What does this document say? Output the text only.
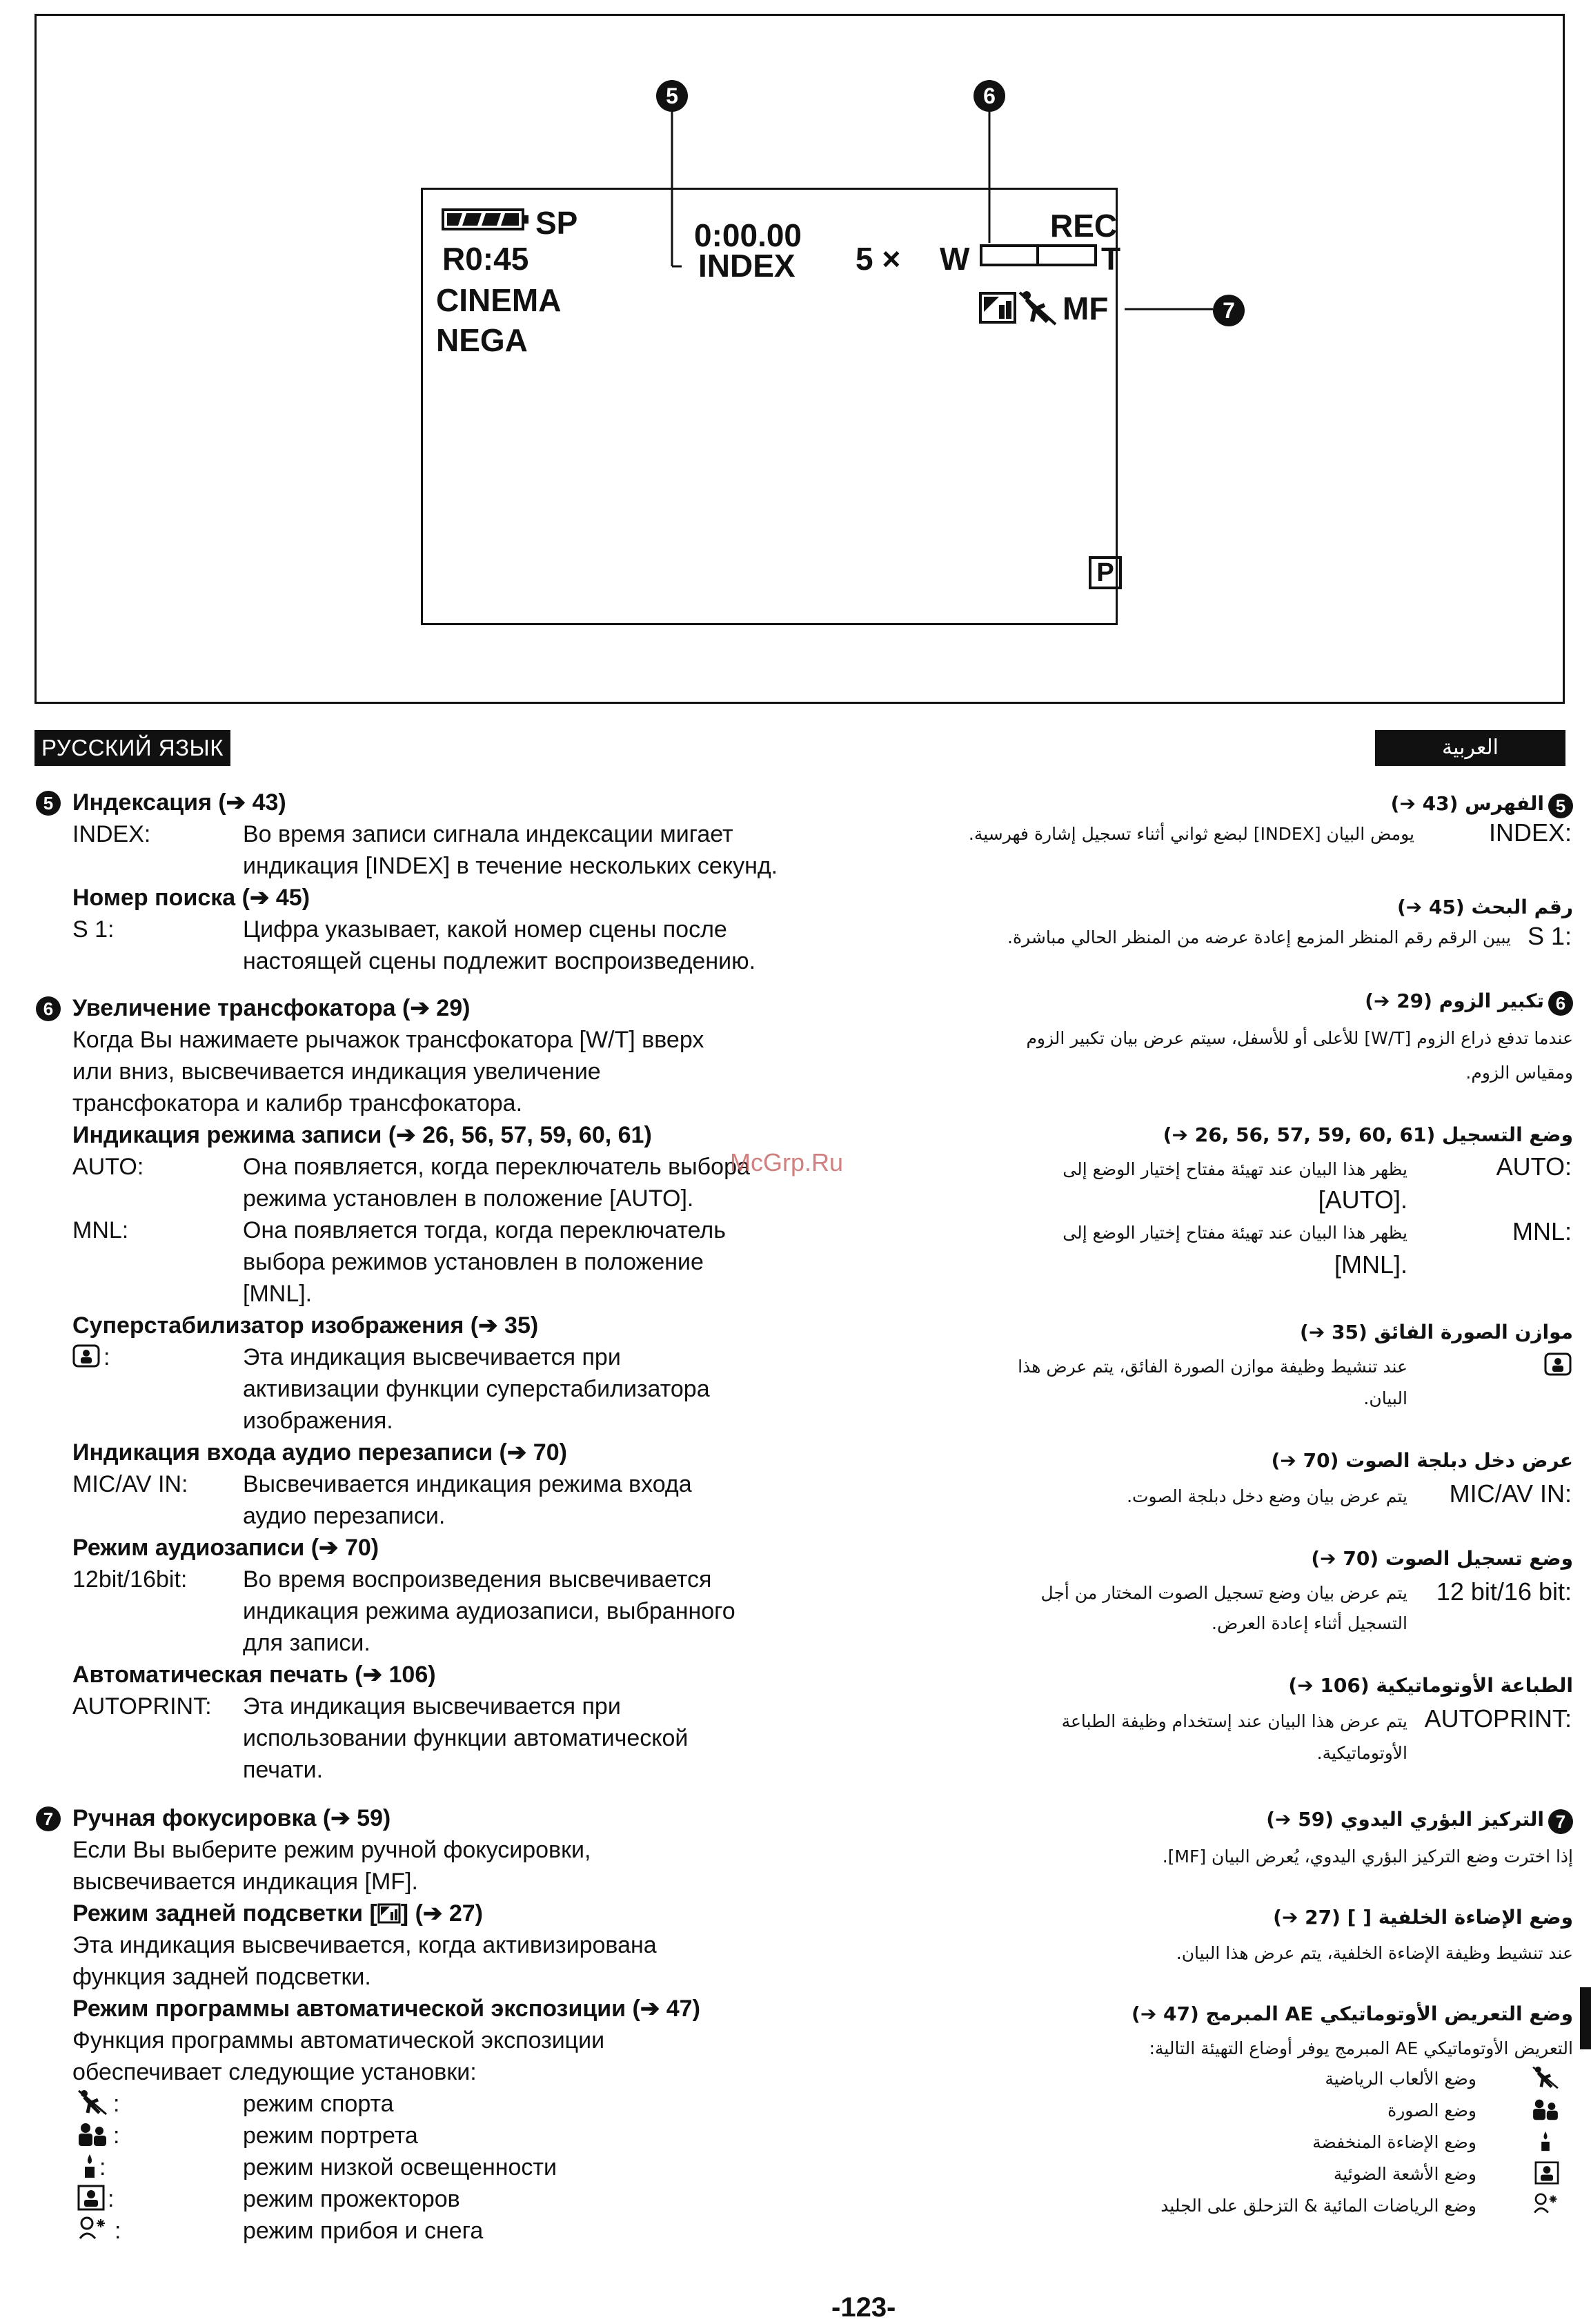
5	6
7
SP
R0:45
CINEMA
NEGA
0:00.00
INDEX 5 × W	T
REC
MF
P
РУССКИЙ ЯЗЫК	العربية
5 Индексация (➔ 43)
INDEX:	Во время записи сигнала индексации мигает
индикация [INDEX] в течение нескольких секунд.
Номер поиска (➔ 45)
S 1:	Цифра указывает, какой номер сцены после
настоящей сцены подлежит воспроизведению.
6 Увеличение трансфокатора (➔ 29)
Когда Вы нажимаете рычажок трансфокатора [W/T] вверх
или вниз, высвечивается индикация увеличение
трансфокатора и калибр трансфокатора.
Индикация режима записи (➔ 26, 56, 57, 59, 60, 61)
AUTO:	Она появляется, когда переключатель выбора
режима установлен в положение [AUTO].
MNL:	Она появляется тогда, когда переключатель
выбора режимов установлен в положение
[MNL].
Суперстабилизатор изображения (➔ 35)
:	Эта индикация высвечивается при
активизации функции суперстабилизатора
изображения.
Индикация входа аудио перезаписи (➔ 70)
MIC/AV IN: Высвечивается индикация режима входа
аудио перезаписи.
Режим аудиозаписи (➔ 70)
12bit/16bit: Во время воспроизведения высвечивается
индикация режима аудиозаписи, выбранного
для записи.
Автоматическая печать (➔ 106)
AUTOPRINT: Эта индикация высвечивается при
использовании функции автоматической
печати.
7 Ручная фокусировка (➔ 59)
Если Вы выберите режим ручной фокусировки,
высвечивается индикация [MF].
Режим задней подсветки [ ] (➔ 27)
Эта индикация высвечивается, когда активизирована
функция задней подсветки.
Режим программы автоматической экспозиции (➔ 47)
Функция программы автоматической экспозиции
обеспечивает следующие установки:
:	режим спорта
:	режим портрета
:	режим низкой освещенности
:	режим прожекторов
:	режим прибоя и снега
5
الفهرس (43 ➔)
INDEX:
يومض البيان [INDEX] لبضع ثواني أثناء تسجيل إشارة فهرسية.
رقم البحث (45 ➔)
S 1:
يبين الرقم رقم المنظر المزمع إعادة عرضه من المنظر الحالي مباشرة.
6
تكبير الزوم (29 ➔)
عندما تدفع ذراع الزوم [W/T] للأعلى أو للأسفل، سيتم عرض بيان تكبير الزوم
ومقياس الزوم.
وضع التسجيل (61 ,60 ,59 ,57 ,56 ,26 ➔)
AUTO:
يظهر هذا البيان عند تهيئة مفتاح إختيار الوضع إلى
[AUTO].
MNL:
يظهر هذا البيان عند تهيئة مفتاح إختيار الوضع إلى
[MNL].
موازن الصورة الفائق (35 ➔)
عند تنشيط وظيفة موازن الصورة الفائق، يتم عرض هذا
البيان.
عرض دخل دبلجة الصوت (70 ➔)
MIC/AV IN:
يتم عرض بيان وضع دخل دبلجة الصوت.
وضع تسجيل الصوت (70 ➔)
12 bit/16 bit:
يتم عرض بيان وضع تسجيل الصوت المختار من أجل
التسجيل أثناء إعادة العرض.
الطباعة الأوتوماتيكية (106 ➔)
AUTOPRINT:
يتم عرض هذا البيان عند إستخدام وظيفة الطباعة
الأوتوماتيكية.
7
التركيز البؤري اليدوي (59 ➔)
إذا اخترت وضع التركيز البؤري اليدوي، يُعرض البيان [MF].
وضع الإضاءة الخلفية [ ] (27 ➔)
عند تنشيط وظيفة الإضاءة الخلفية، يتم عرض هذا البيان.
وضع التعريض الأوتوماتيكي AE المبرمج (47 ➔)
التعريض الأوتوماتيكي AE المبرمج يوفر أوضاع التهيئة التالية:
وضع الألعاب الرياضية
وضع الصورة
وضع الإضاءة المنخفضة
وضع الأشعة الضوئية
وضع الرياضات المائية & التزحلق على الجليد
McGrp.Ru
-123-
